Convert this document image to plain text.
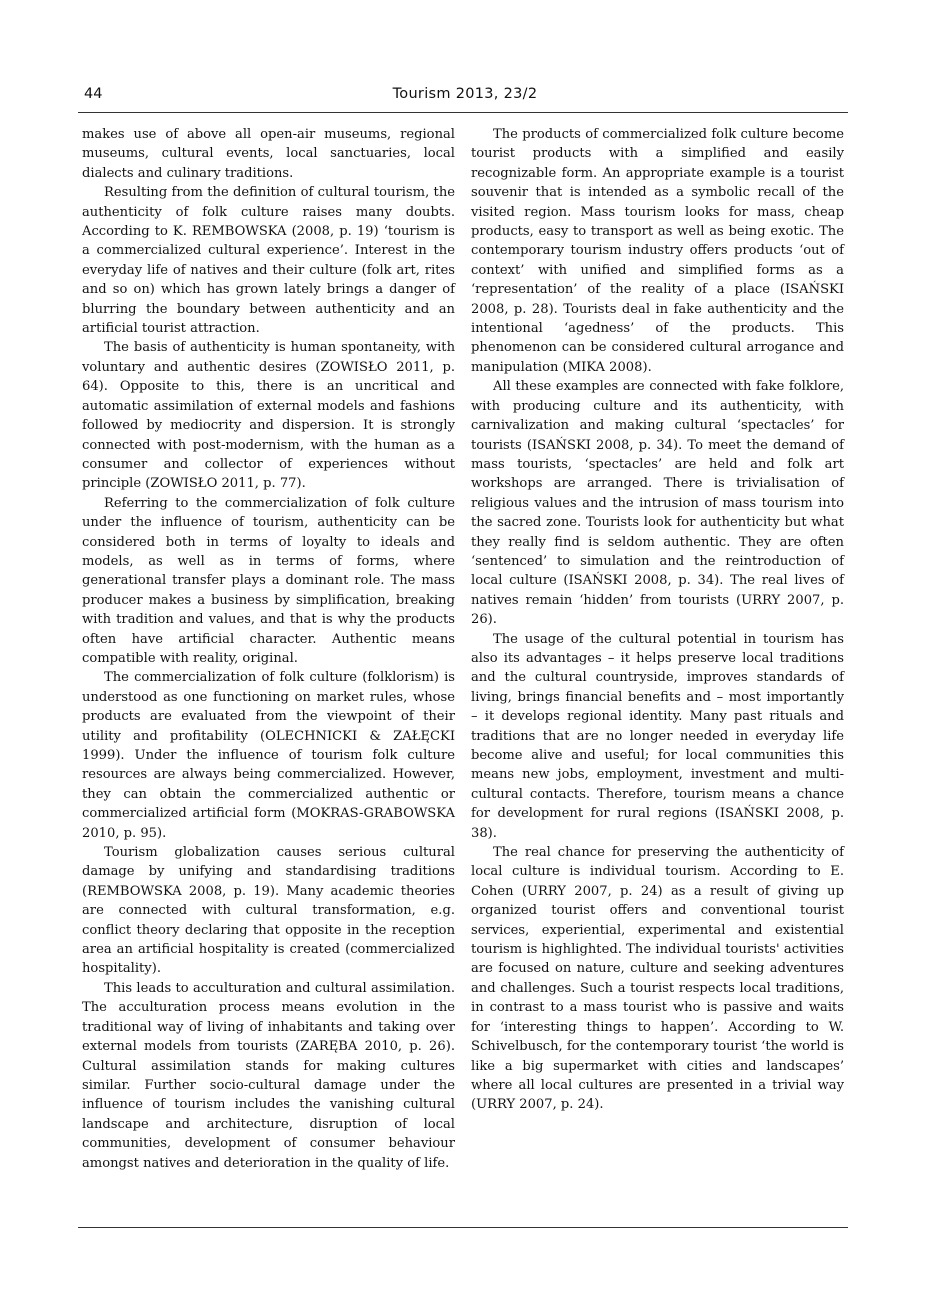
44	Tourism 2013, 23/2

makes use of above all open-air museums, regional museums, cultural events, local sanctuaries, local dialects and culinary traditions.

Resulting from the definition of cultural tourism, the authenticity of folk culture raises many doubts. According to K. REMBOWSKA (2008, p. 19) ‘tourism is a commercialized cultural experience’. Interest in the everyday life of natives and their culture (folk art, rites and so on) which has grown lately brings a danger of blurring the boundary between authenticity and an artificial tourist attraction.

The basis of authenticity is human spontaneity, with voluntary and authentic desires (ZOWISŁO 2011, p. 64). Opposite to this, there is an uncritical and automatic assimilation of external models and fashions followed by mediocrity and dispersion. It is strongly connected with post-modernism, with the human as a consumer and collector of experiences without principle (ZOWISŁO 2011, p. 77).

Referring to the commercialization of folk culture under the influence of tourism, authenticity can be considered both in terms of loyalty to ideals and models, as well as in terms of forms, where generational transfer plays a dominant role. The mass producer makes a business by simplification, breaking with tradition and values, and that is why the products often have artificial character. Authentic means compatible with reality, original.

The commercialization of folk culture (folklorism) is understood as one functioning on market rules, whose products are evaluated from the viewpoint of their utility and profitability (OLECHNICKI & ZAŁĘCKI 1999). Under the influence of tourism folk culture resources are always being commercialized. However, they can obtain the commercialized authentic or commercialized artificial form (MOKRAS-GRABOWSKA 2010, p. 95).

Tourism globalization causes serious cultural damage by unifying and standardising traditions (REMBOWSKA 2008, p. 19). Many academic theories are connected with cultural transformation, e.g. conflict theory declaring that opposite in the reception area an artificial hospitality is created (commercialized hospitality).

This leads to acculturation and cultural assimilation. The acculturation process means evolution in the traditional way of living of inhabitants and taking over external models from tourists (ZARĘBA 2010, p. 26). Cultural assimilation stands for making cultures similar. Further socio-cultural damage under the influence of tourism includes the vanishing cultural landscape and architecture, disruption of local communities, development of consumer behaviour amongst natives and deterioration in the quality of life.

The products of commercialized folk culture become tourist products with a simplified and easily recognizable form. An appropriate example is a tourist souvenir that is intended as a symbolic recall of the visited region. Mass tourism looks for mass, cheap products, easy to transport as well as being exotic. The contemporary tourism industry offers products ‘out of context’ with unified and simplified forms as a ‘representation’ of the reality of a place (ISAŃSKI 2008, p. 28). Tourists deal in fake authenticity and the intentional ‘agedness’ of the products. This phenomenon can be considered cultural arrogance and manipulation (MIKA 2008).

All these examples are connected with fake folklore, with producing culture and its authenticity, with carnivalization and making cultural ‘spectacles’ for tourists (ISAŃSKI 2008, p. 34). To meet the demand of mass tourists, ‘spectacles’ are held and folk art workshops are arranged. There is trivialisation of religious values and the intrusion of mass tourism into the sacred zone. Tourists look for authenticity but what they really find is seldom authentic. They are often ‘sentenced’ to simulation and the reintroduction of local culture (ISAŃSKI 2008, p. 34). The real lives of natives remain ‘hidden’ from tourists (URRY 2007, p. 26).

The usage of the cultural potential in tourism has also its advantages – it helps preserve local traditions and the cultural countryside, improves standards of living, brings financial benefits and – most importantly – it develops regional identity. Many past rituals and traditions that are no longer needed in everyday life become alive and useful; for local communities this means new jobs, employment, investment and multi-cultural contacts. Therefore, tourism means a chance for development for rural regions (ISAŃSKI 2008, p. 38).

The real chance for preserving the authenticity of local culture is individual tourism. According to E. Cohen (URRY 2007, p. 24) as a result of giving up organized tourist offers and conventional tourist services, experiential, experimental and existential tourism is highlighted. The individual tourists' activities are focused on nature, culture and seeking adventures and challenges. Such a tourist respects local traditions, in contrast to a mass tourist who is passive and waits for ‘interesting things to happen’. According to W. Schivelbusch, for the contemporary tourist ‘the world is like a big supermarket with cities and landscapes’ where all local cultures are presented in a trivial way (URRY 2007, p. 24).
